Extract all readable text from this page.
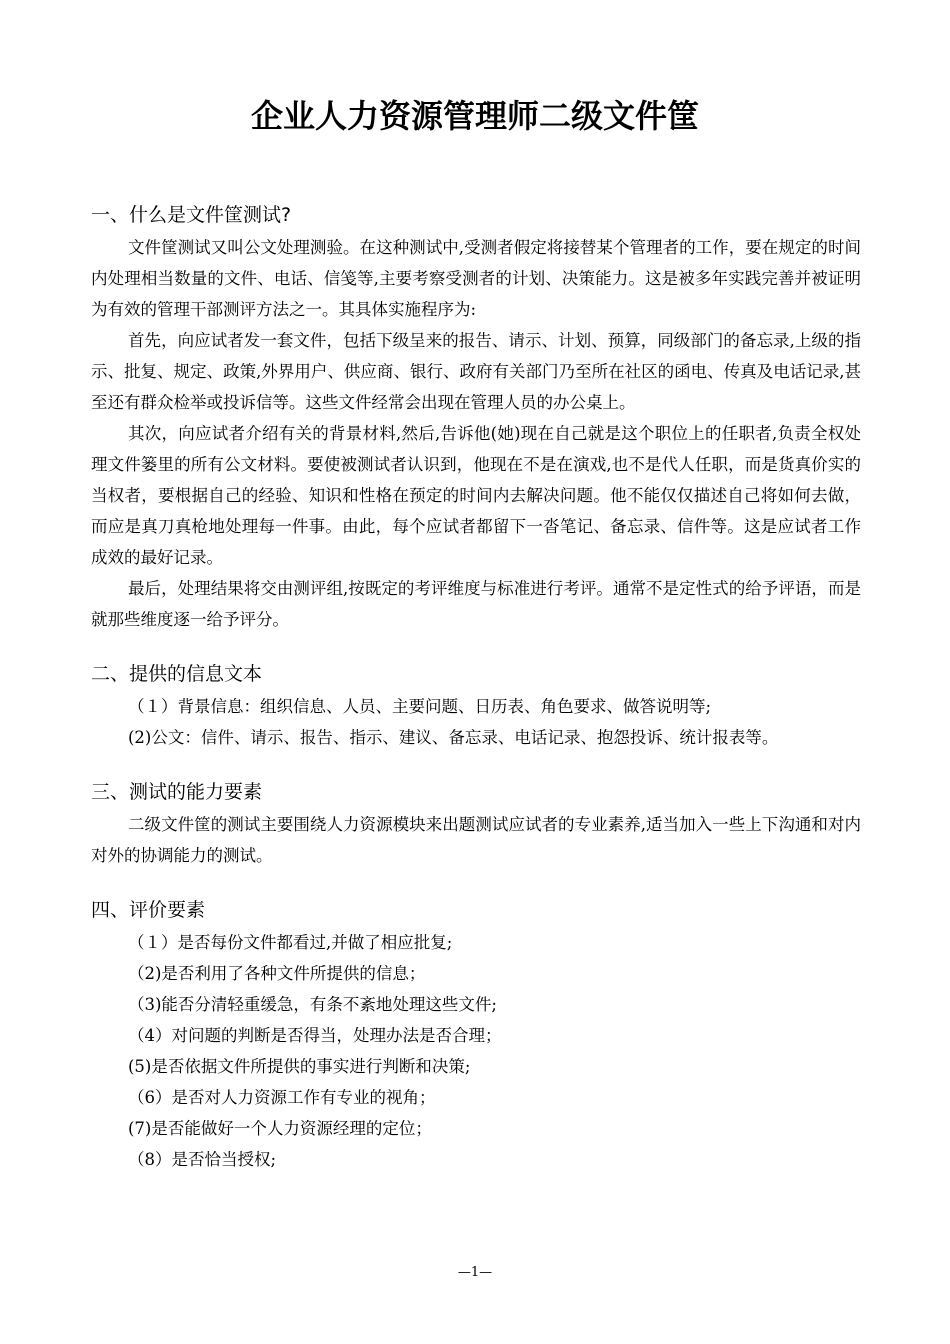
企业人力资源管理师二级文件筐
一、什么是文件筐测试?

文件筐测试又叫公文处理测验。在这种测试中,受测者假定将接替某个管理者的工作，要在规定的时间内处理相当数量的文件、电话、信笺等,主要考察受测者的计划、决策能力。这是被多年实践完善并被证明为有效的管理干部测评方法之一。其具体实施程序为:

首先，向应试者发一套文件，包括下级呈来的报告、请示、计划、预算，同级部门的备忘录,上级的指示、批复、规定、政策,外界用户、供应商、银行、政府有关部门乃至所在社区的函电、传真及电话记录,甚至还有群众检举或投诉信等。这些文件经常会出现在管理人员的办公桌上。

其次，向应试者介绍有关的背景材料,然后,告诉他(她)现在自己就是这个职位上的任职者,负责全权处理文件篓里的所有公文材料。要使被测试者认识到，他现在不是在演戏,也不是代人任职，而是货真价实的当权者，要根据自己的经验、知识和性格在预定的时间内去解决问题。他不能仅仅描述自己将如何去做，而应是真刀真枪地处理每一件事。由此，每个应试者都留下一沓笔记、备忘录、信件等。这是应试者工作成效的最好记录。

最后，处理结果将交由测评组,按既定的考评维度与标准进行考评。通常不是定性式的给予评语，而是就那些维度逐一给予评分。

二、提供的信息文本

（１）背景信息：组织信息、人员、主要问题、日历表、角色要求、做答说明等;

(2)公文：信件、请示、报告、指示、建议、备忘录、电话记录、抱怨投诉、统计报表等。

三、测试的能力要素

二级文件筐的测试主要围绕人力资源模块来出题测试应试者的专业素养,适当加入一些上下沟通和对内对外的协调能力的测试。

四、评价要素

（１）是否每份文件都看过,并做了相应批复;

（2)是否利用了各种文件所提供的信息；

（3)能否分清轻重缓急，有条不紊地处理这些文件;

（4）对问题的判断是否得当，处理办法是否合理；

(5)是否依据文件所提供的事实进行判断和决策;

（6）是否对人力资源工作有专业的视角；

(7)是否能做好一个人力资源经理的定位；

（8）是否恰当授权;

—1—
